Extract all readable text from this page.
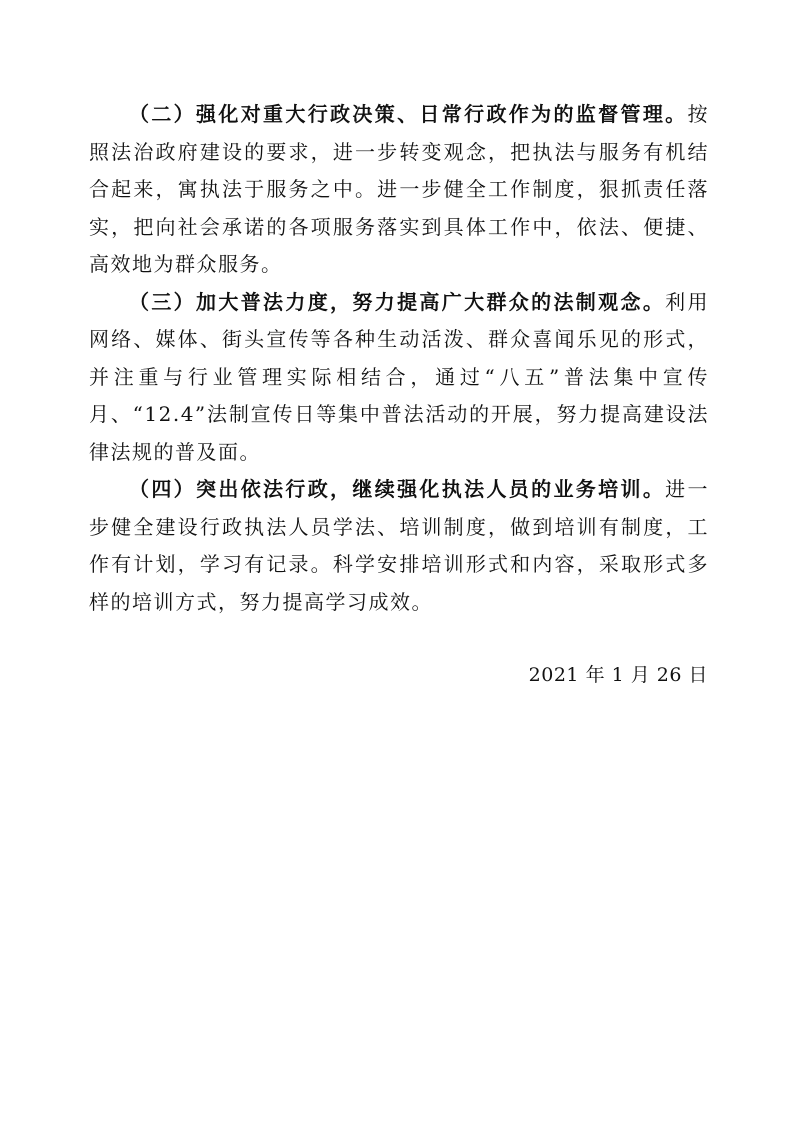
（二）强化对重大行政决策、日常行政作为的监督管理。按照法治政府建设的要求，进一步转变观念，把执法与服务有机结合起来，寓执法于服务之中。进一步健全工作制度，狠抓责任落实，把向社会承诺的各项服务落实到具体工作中，依法、便捷、高效地为群众服务。

（三）加大普法力度，努力提高广大群众的法制观念。利用网络、媒体、街头宣传等各种生动活泼、群众喜闻乐见的形式，并注重与行业管理实际相结合，通过“八五”普法集中宣传月、“12.4”法制宣传日等集中普法活动的开展，努力提高建设法律法规的普及面。

（四）突出依法行政，继续强化执法人员的业务培训。进一步健全建设行政执法人员学法、培训制度，做到培训有制度，工作有计划，学习有记录。科学安排培训形式和内容，采取形式多样的培训方式，努力提高学习成效。

2021 年 1 月 26 日
